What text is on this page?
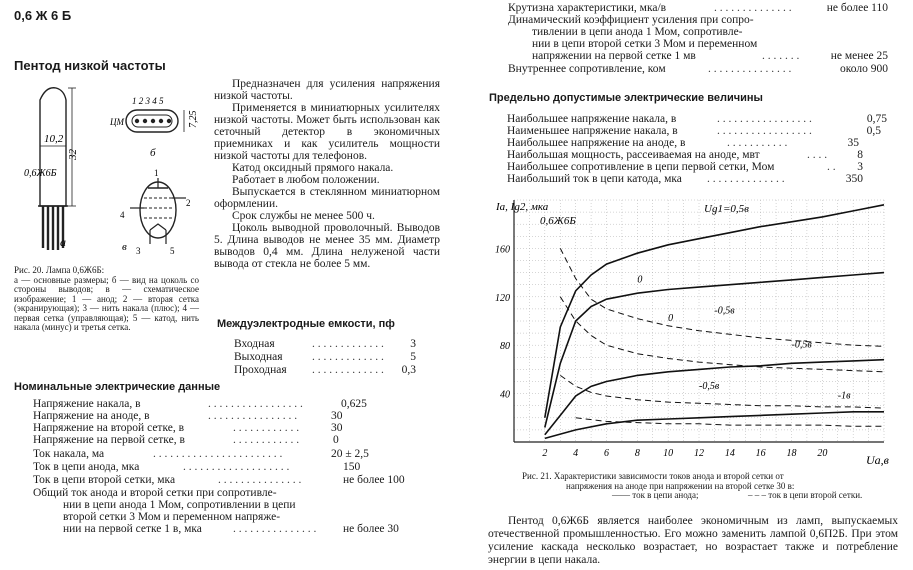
0,6 Ж 6 Б
Пентод низкой частоты
10,2
32
0,6Ж6Б
а
1 2 3 4 5
ЦМ	7,25
б
1
4
2
3	5
в
Рис. 20. Лампа 0,6Ж6Б:
а — основные размеры; б — вид на цоколь со стороны выводов; в — схематическое изображение; 1 — анод; 2 — вторая сетка (экранирующая); 3 — нить накала (плюс); 4 — первая сетка (управляющая); 5 — катод, нить накала (минус) и третья сетка.
Предназначен для усиления напряжения низкой частоты.
Применяется в миниатюрных усилителях низкой частоты. Может быть использован как сеточный детектор в экономичных приемниках и как усилитель мощности низкой частоты для телефонов.
Катод оксидный прямого накала.
Работает в любом положении.
Выпускается в стеклянном миниатюрном оформлении.
Срок службы не менее 500 ч.
Цоколь выводной проволочный. Выводов 5. Длина выводов не менее 35 мм. Диаметр выводов 0,4 мм. Длина нелуженой части вывода от стекла не более 5 мм.
Междуэлектродные емкости, пф
Входная	. . . . . . . . . . . . .	3
Выходная	. . . . . . . . . . . . .	5
Проходная . . . . . . . . . . . . .	0,3
Номинальные электрические данные
Напряжение накала, в	. . . . . . . . . . . . . . . . .	0,625
Напряжение на аноде, в	. . . . . . . . . . . . . . . .	30
Напряжение на второй сетке, в	. . . . . . . . . . . .	30
Напряжение на первой сетке, в	. . . . . . . . . . . .	0
Ток накала, ма	. . . . . . . . . . . . . . . . . . . . . . .	20 ± 2,5
Ток в цепи анода, мка	. . . . . . . . . . . . . . . . . . .	150
Ток в цепи второй сетки, мка	. . . . . . . . . . . . . . .	не более 100
Общий ток анода и второй сетки при сопротивле-
нии в цепи анода 1 Мом, сопротивлении в цепи
второй сетки 3 Мом и переменном напряже-
нии на первой сетке 1 в, мка	. . . . . . . . . . . . . . .	не более 30
Крутизна характеристики, мка/в	. . . . . . . . . . . . . .	не более 110
Динамический коэффициент усиления при сопро-
тивлении в цепи анода 1 Мом, сопротивле-
нии в цепи второй сетки 3 Мом и переменном
напряжении на первой сетке 1 мв	. . . . . . .	не менее 25
Внутреннее сопротивление, ком	. . . . . . . . . . . . . . .	около 900
Предельно допустимые электрические величины
Наибольшее напряжение накала, в	. . . . . . . . . . . . . . . . .	0,75
Наименьшее напряжение накала, в	. . . . . . . . . . . . . . . . .	0,5
Наибольшее напряжение на аноде, в	. . . . . . . . . . .	35
Наибольшая мощность, рассеиваемая на аноде, мвт	. . . .	8
Наибольшее сопротивление в цепи первой сетки, Мом	. . 3
Наибольший ток в цепи катода, мка . . . . . . . . . . . . . .	350
2	4	6	8 10 12 14 16 18 20
40
80
120
160
Ia, Ig2, мка
0,6Ж6Б
Ug1=0,5в
Ua,в
0
-0,5в
0
-0,5в
-0,5в
-1в
Рис. 21. Характеристики зависимости токов анода и второй сетки от
напряжения на аноде при напряжении на второй сетке 30 в:
—— ток в цепи анода;	– – – ток в цепи второй сетки.
Пентод 0,6Ж6Б является наиболее экономичным из ламп, выпускаемых отечественной промышленностью. Его можно заменить лампой 0,6П2Б. При этом усиление каскада несколько возрастает, но возрастает также и потребление энергии в цепи накала.
